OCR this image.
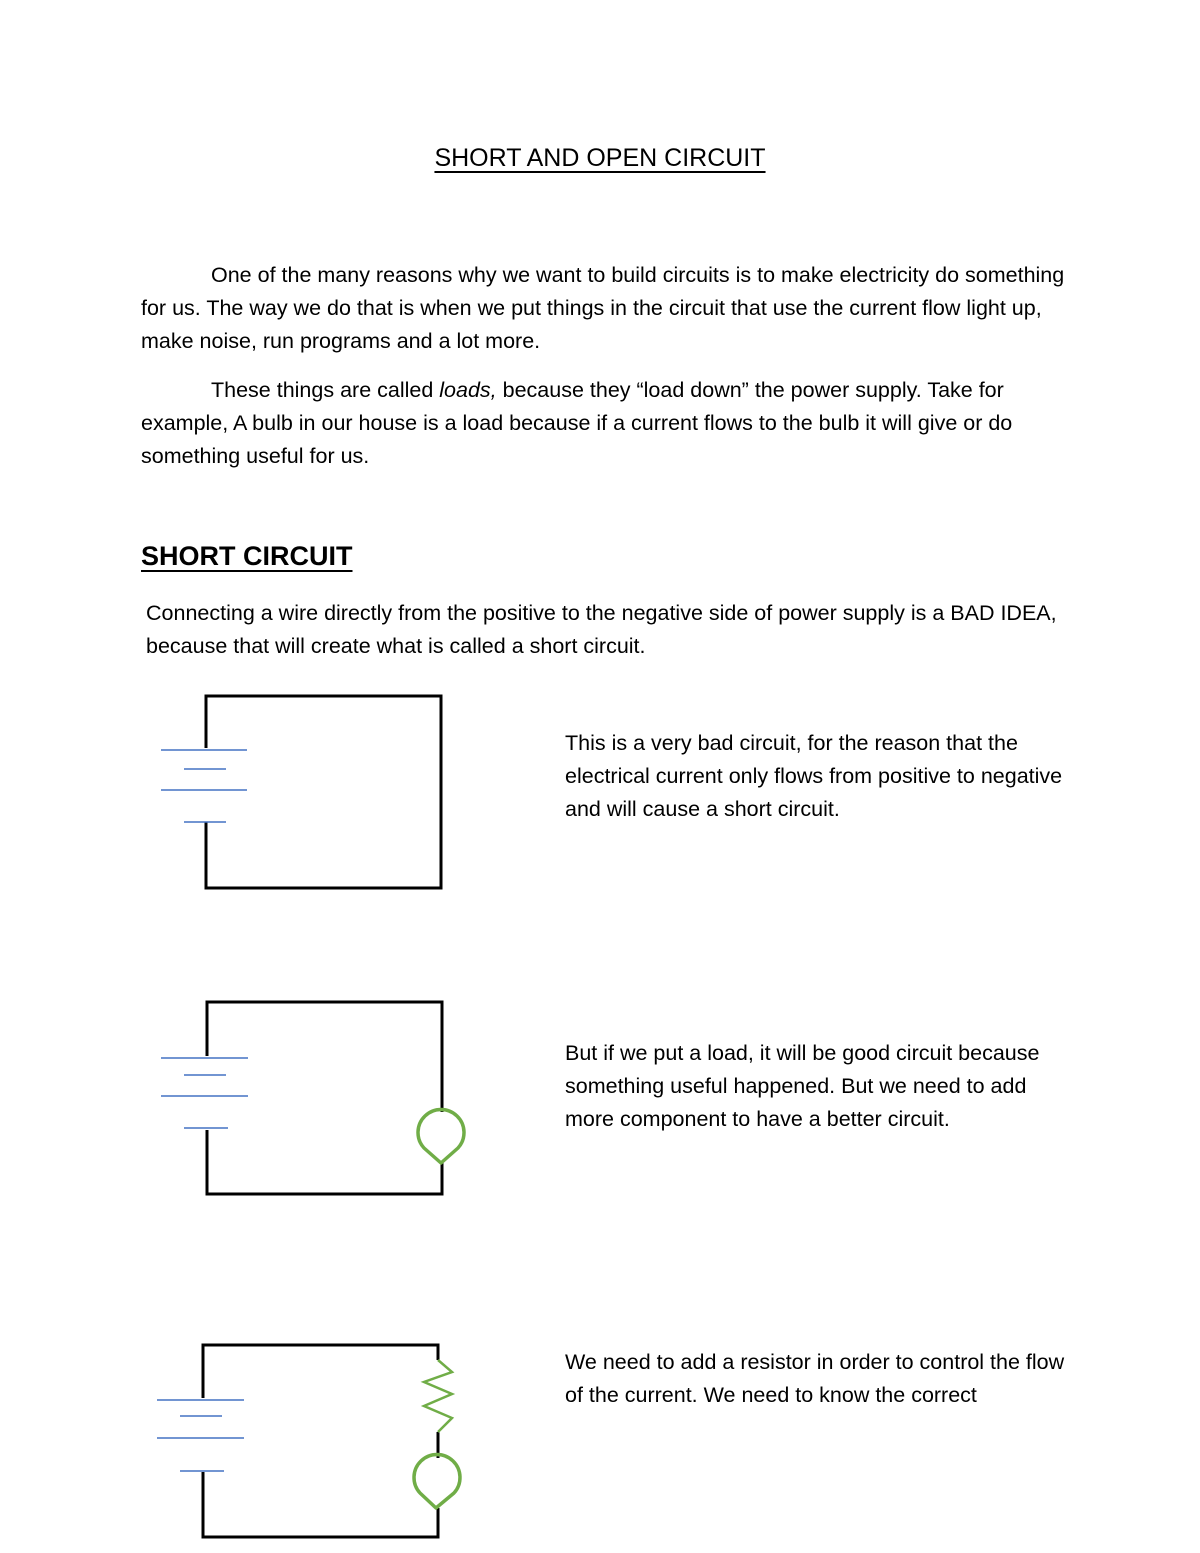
SHORT AND OPEN CIRCUIT

One of the many reasons why we want to build circuits is to make electricity do something for us. The way we do that is when we put things in the circuit that use the current flow light up, make noise, run programs and a lot more.

These things are called loads, because they “load down” the power supply. Take for example, A bulb in our house is a load because if a current flows to the bulb it will give or do something useful for us.

SHORT CIRCUIT

Connecting a wire directly from the positive to the negative side of power supply is a BAD IDEA, because that will create what is called a short circuit.

This is a very bad circuit, for the reason that the electrical current only flows from positive to negative and will cause a short circuit.

But if we put a load, it will be good circuit because something useful happened. But we need to add more component to have a better circuit.

We need to add a resistor in order to control the flow of the current. We need to know the correct
